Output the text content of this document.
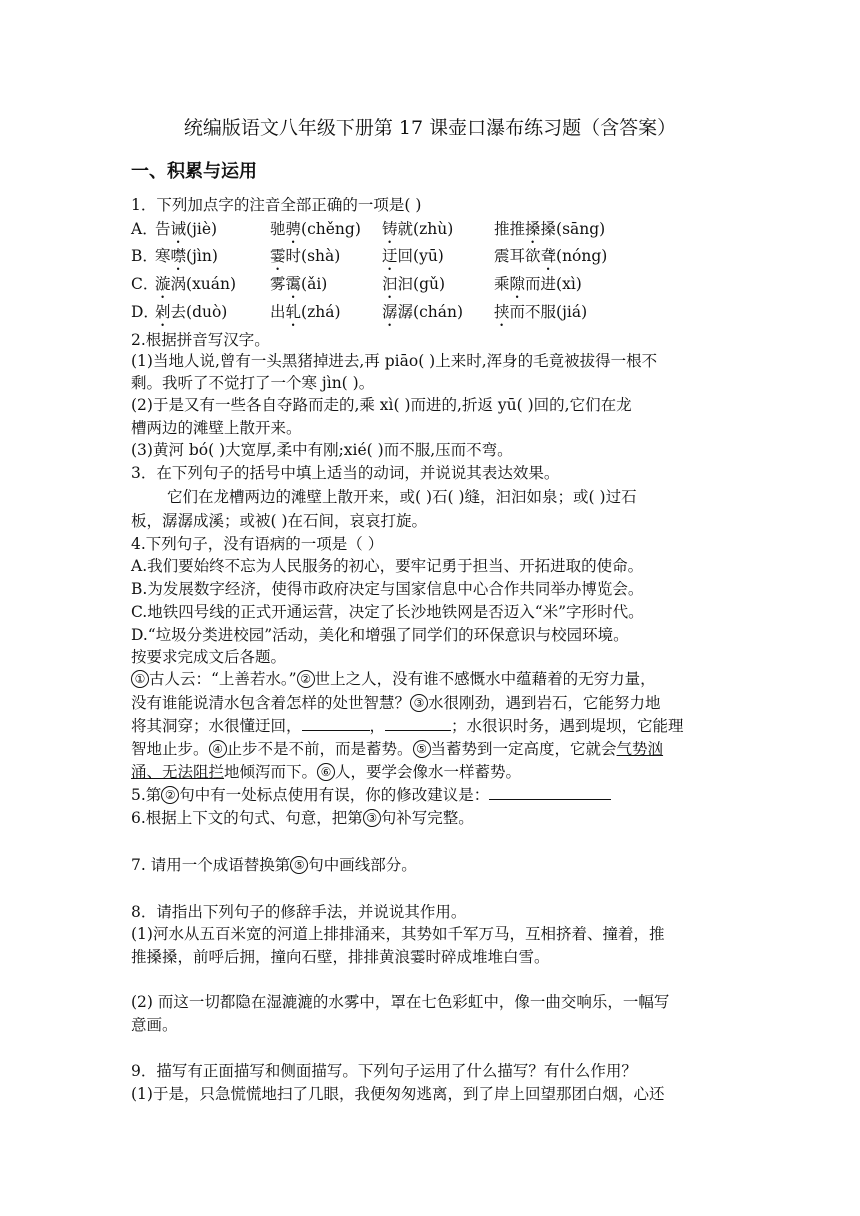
统编版语文八年级下册第 17 课壶口瀑布练习题（含答案）
一、积累与运用
1．下列加点字的注音全部正确的一项是( )
A．
告诫(jiè)	驰骋(chěng) 铸就(zhù)	推推搡搡(sāng)
B．
寒噤(jìn)	霎时(shà)	迂回(yū)	震耳欲聋(nóng)
C．
漩涡(xuán) 雾霭(ǎi)	汩汩(gǔ)	乘隙而进(xì)
D．
剁去(duò)	出轧(zhá)	潺潺(chán) 挟而不服(jiá)
2.根据拼音写汉字。
(1)当地人说,曾有一头黑猪掉进去,再 piāo( )上来时,浑身的毛竟被拔得一根不
剩。我听了不觉打了一个寒 jìn( )。
(2)于是又有一些各自夺路而走的,乘 xì( )而进的,折返 yū( )回的,它们在龙
槽两边的滩壁上散开来。
(3)黄河 bó( )大宽厚,柔中有刚;xié( )而不服,压而不弯。
3．在下列句子的括号中填上适当的动词，并说说其表达效果。
它们在龙槽两边的滩壁上散开来，或( )石( )缝，汩汩如泉；或( )过石
板，潺潺成溪；或被( )在石间，哀哀打旋。
4.下列句子，没有语病的一项是（ ）
A.我们要始终不忘为人民服务的初心，要牢记勇于担当、开拓进取的使命。
B.为发展数字经济，使得市政府决定与国家信息中心合作共同举办博览会。
C.地铁四号线的正式开通运营，决定了长沙地铁网是否迈入“米”字形时代。
D.“垃圾分类进校园”活动，美化和增强了同学们的环保意识与校园环境。
按要求完成文后各题。
① 古人云：“上善若水。” ② 世上之人，没有谁不感慨水中蕴藉着的无穷力量，
没有谁能说清水包含着怎样的处世智慧？ ③ 水很刚劲，遇到岩石，它能努力地
将其洞穿；水很懂迂回，	，	；水很识时务，遇到堤坝，它能理
智地止步。 ④ 止步不是不前，而是蓄势。 ⑤ 当蓄势到一定高度，它就会气势汹
涌、无法阻拦地倾泻而下。 ⑥ 人，要学会像水一样蓄势。
5.第 ② 句中有一处标点使用有误，你的修改建议是：
6.根据上下文的句式、句意，把第 ③ 句补写完整。
7. 请用一个成语替换第 ⑤ 句中画线部分。
8．请指出下列句子的修辞手法，并说说其作用。
(1)河水从五百米宽的河道上排排涌来，其势如千军万马，互相挤着、撞着，推
推搡搡，前呼后拥，撞向石壁，排排黄浪霎时碎成堆堆白雪。
(2) 而这一切都隐在湿漉漉的水雾中，罩在七色彩虹中，像一曲交响乐，一幅写
意画。
9．描写有正面描写和侧面描写。下列句子运用了什么描写？有什么作用？
(1)于是，只急慌慌地扫了几眼，我便匆匆逃离，到了岸上回望那团白烟，心还
